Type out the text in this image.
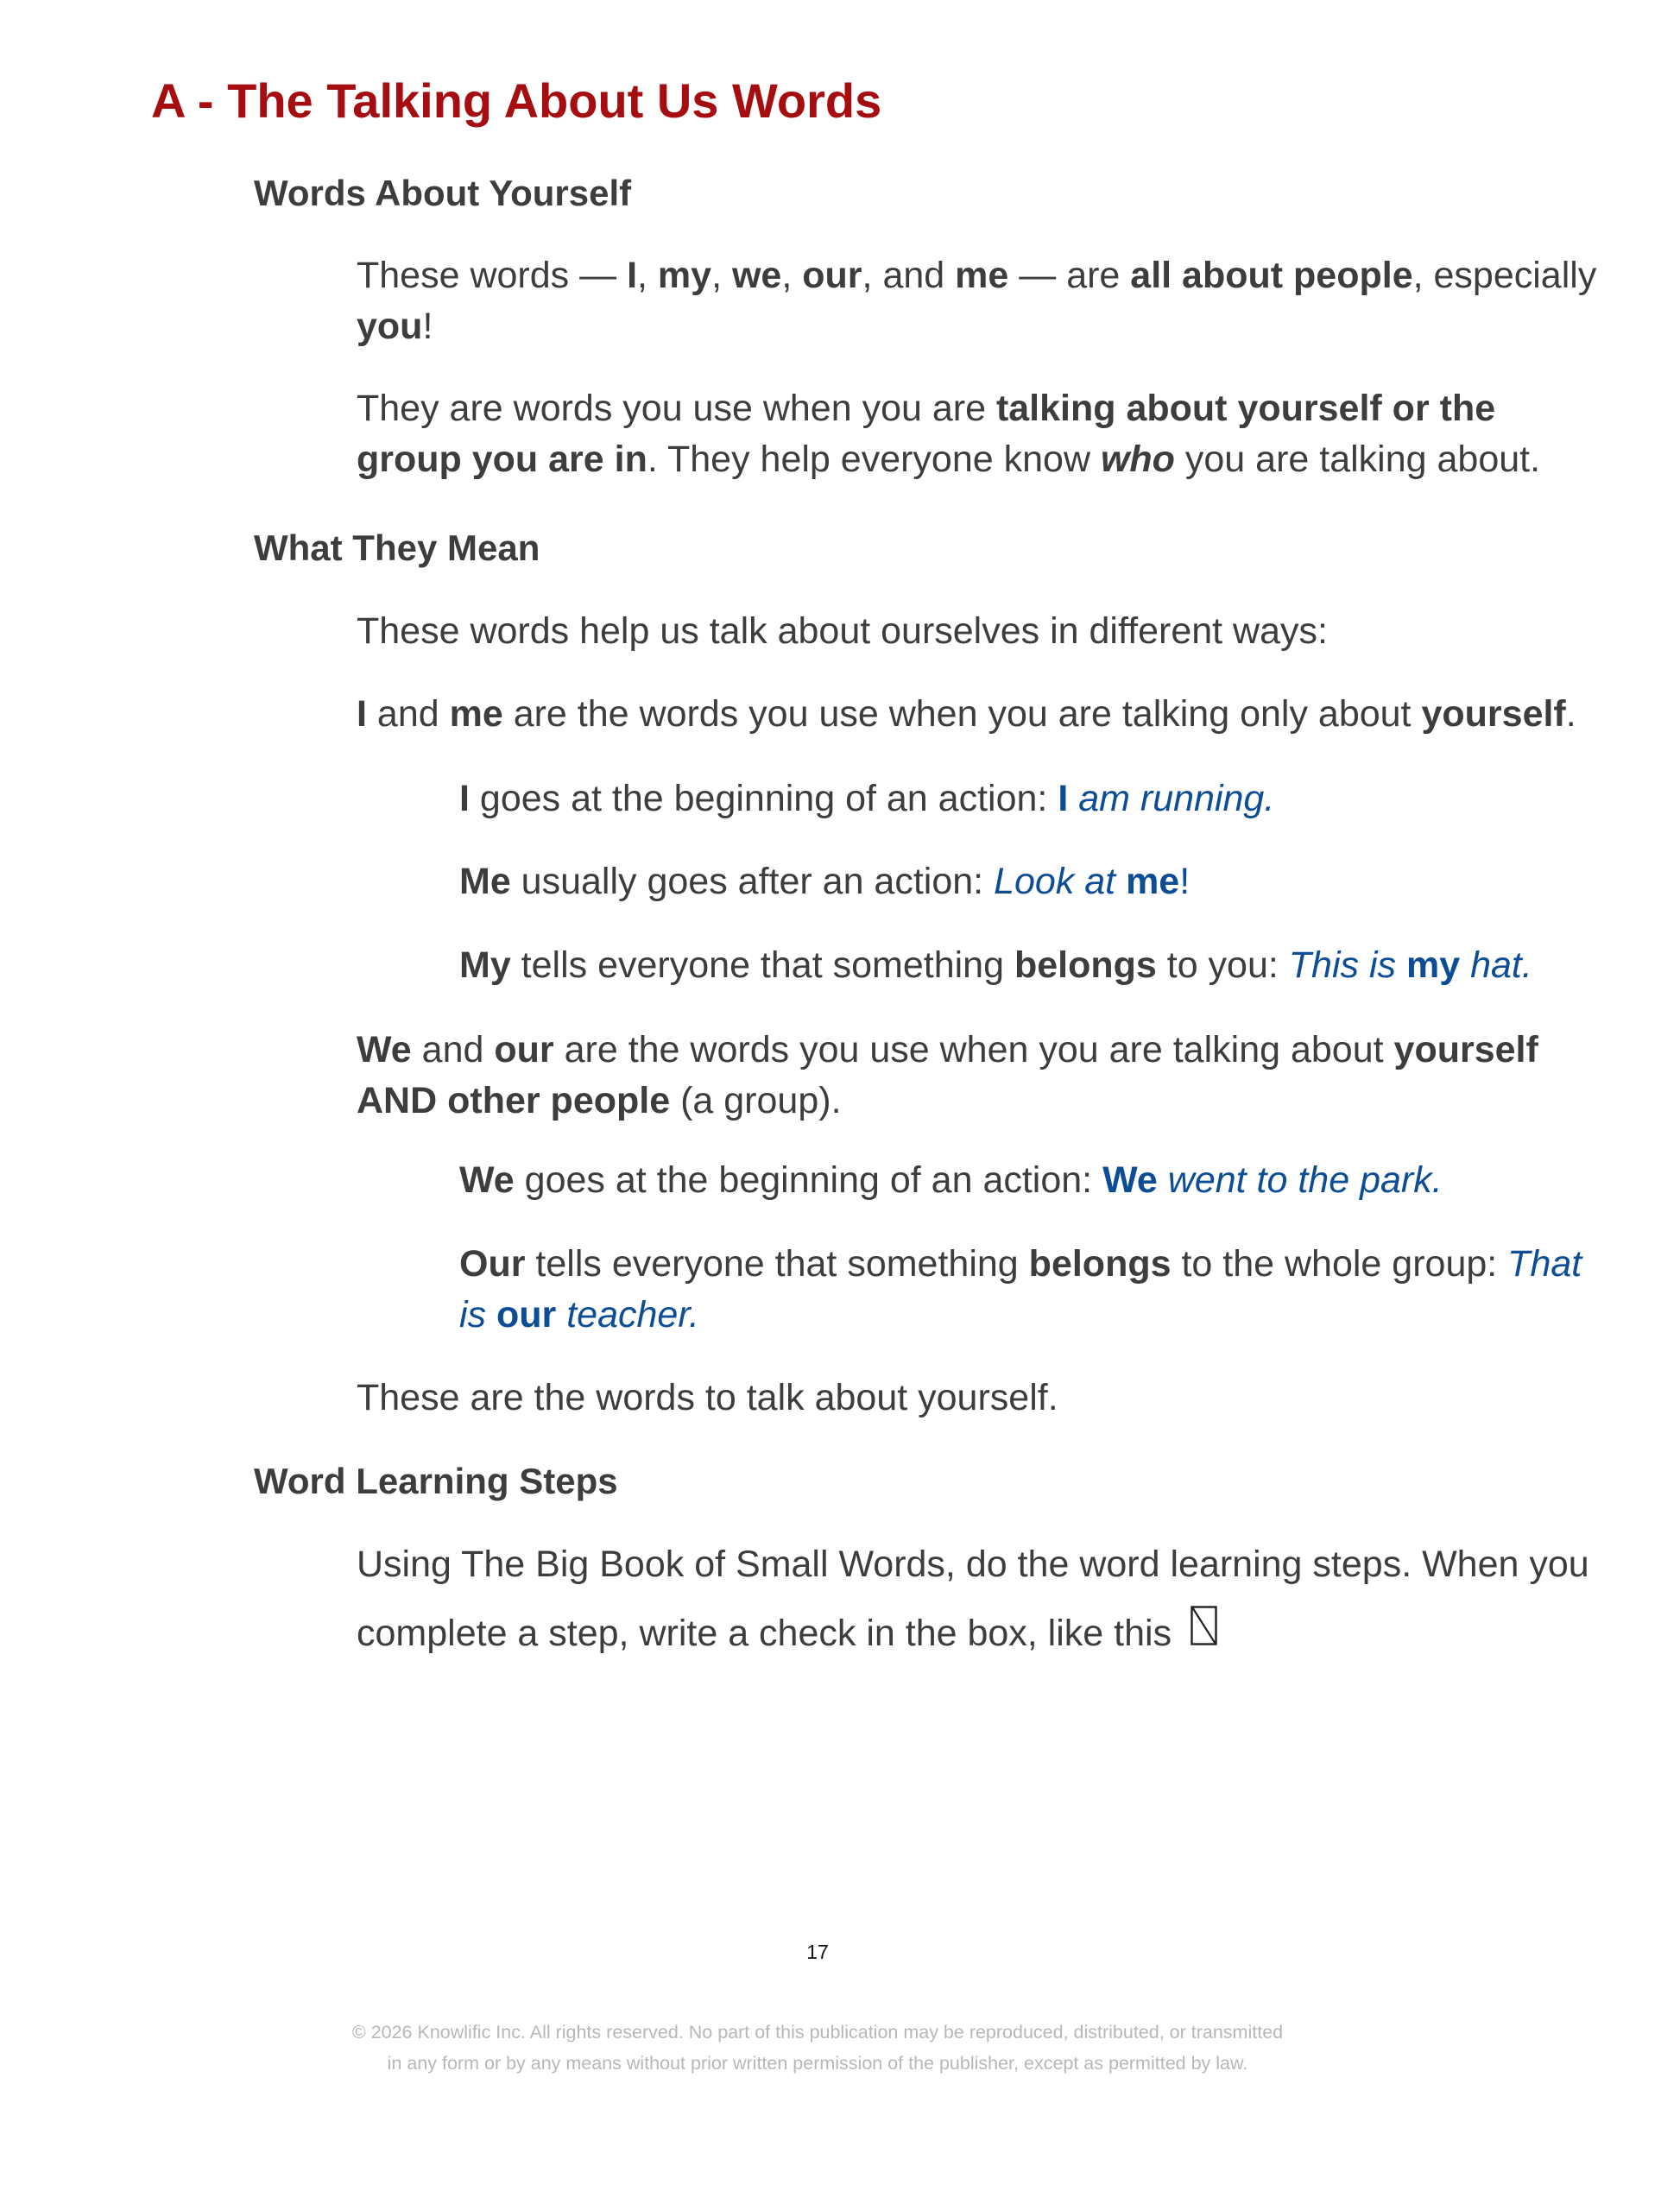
A - The Talking About Us Words
Words About Yourself

These words — I, my, we, our, and me — are all about people, especially
you!

They are words you use when you are talking about yourself or the
group you are in. They help everyone know who you are talking about.

What They Mean

These words help us talk about ourselves in different ways:

I and me are the words you use when you are talking only about yourself.

I goes at the beginning of an action: I am running.

Me usually goes after an action: Look at me!

My tells everyone that something belongs to you: This is my hat.

We and our are the words you use when you are talking about yourself
AND other people (a group).

We goes at the beginning of an action: We went to the park.

Our tells everyone that something belongs to the whole group: That
is our teacher.

These are the words to talk about yourself.

Word Learning Steps

Using The Big Book of Small Words, do the word learning steps. When you
complete a step, write a check in the box, like this

17
© 2026 Knowlific Inc. All rights reserved. No part of this publication may be reproduced, distributed, or transmitted
in any form or by any means without prior written permission of the publisher, except as permitted by law.
